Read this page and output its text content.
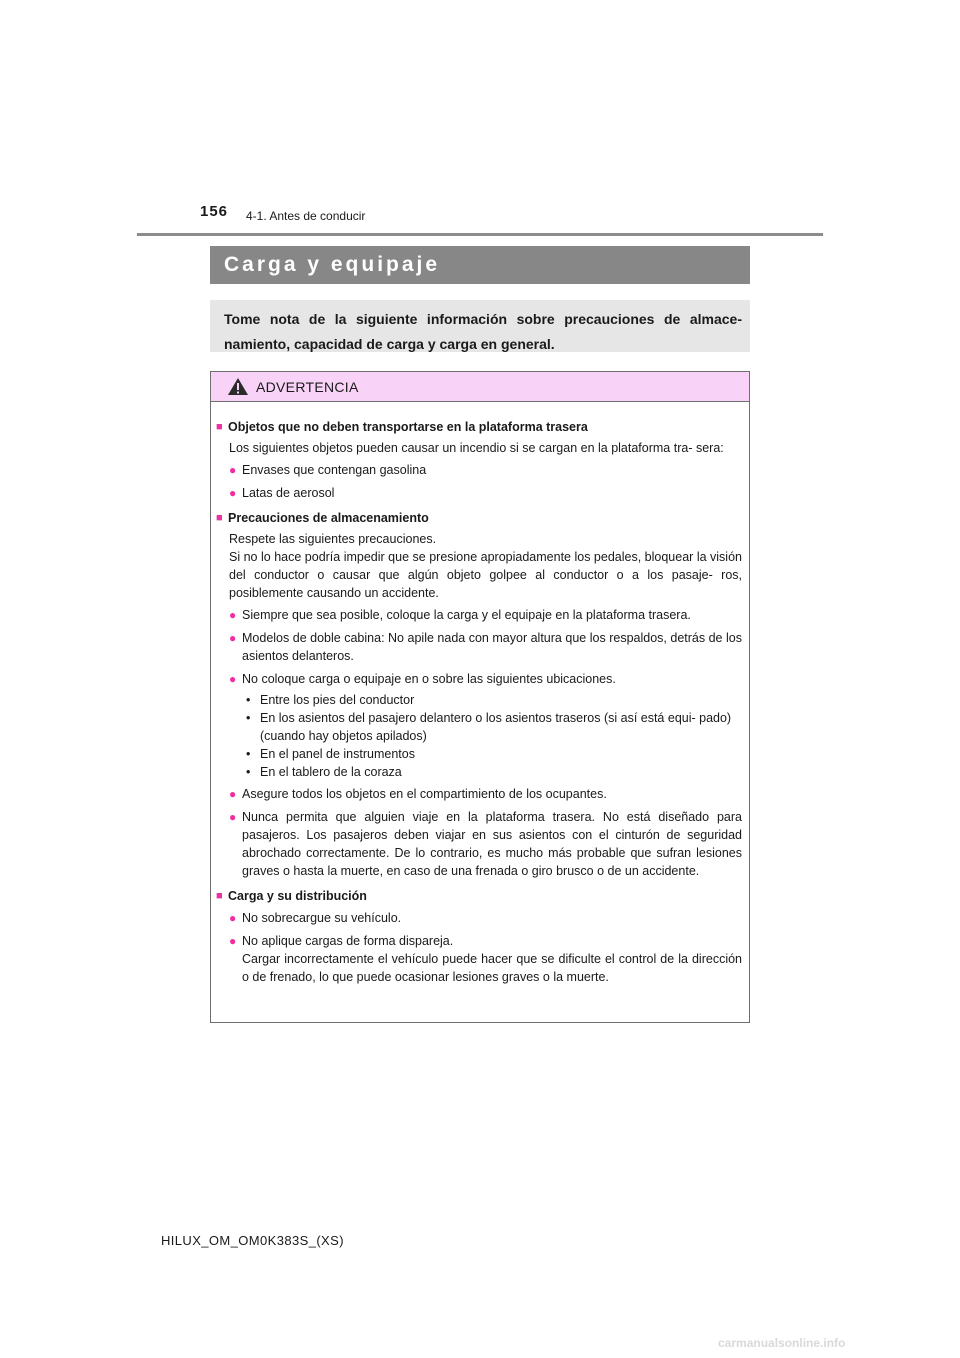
156 4-1. Antes de conducir
Carga y equipaje
Tome nota de la siguiente información sobre precauciones de almace- namiento, capacidad de carga y carga en general.
ADVERTENCIA
■ Objetos que no deben transportarse en la plataforma trasera
Los siguientes objetos pueden causar un incendio si se cargan en la plataforma tra- sera:
● Envases que contengan gasolina
● Latas de aerosol
■ Precauciones de almacenamiento
Respete las siguientes precauciones.
Si no lo hace podría impedir que se presione apropiadamente los pedales, bloquear la visión del conductor o causar que algún objeto golpee al conductor o a los pasaje- ros, posiblemente causando un accidente.
● Siempre que sea posible, coloque la carga y el equipaje en la plataforma trasera.
● Modelos de doble cabina: No apile nada con mayor altura que los respaldos, detrás de los asientos delanteros.
● No coloque carga o equipaje en o sobre las siguientes ubicaciones.
• Entre los pies del conductor
• En los asientos del pasajero delantero o los asientos traseros (si así está equi- pado) (cuando hay objetos apilados)
• En el panel de instrumentos
• En el tablero de la coraza
● Asegure todos los objetos en el compartimiento de los ocupantes.
● Nunca permita que alguien viaje en la plataforma trasera. No está diseñado para pasajeros. Los pasajeros deben viajar en sus asientos con el cinturón de seguridad abrochado correctamente. De lo contrario, es mucho más probable que sufran lesiones graves o hasta la muerte, en caso de una frenada o giro brusco o de un accidente.
■ Carga y su distribución
● No sobrecargue su vehículo.
● No aplique cargas de forma dispareja.
Cargar incorrectamente el vehículo puede hacer que se dificulte el control de la dirección o de frenado, lo que puede ocasionar lesiones graves o la muerte.
HILUX_OM_OM0K383S_(XS)
carmanualsonline.info
